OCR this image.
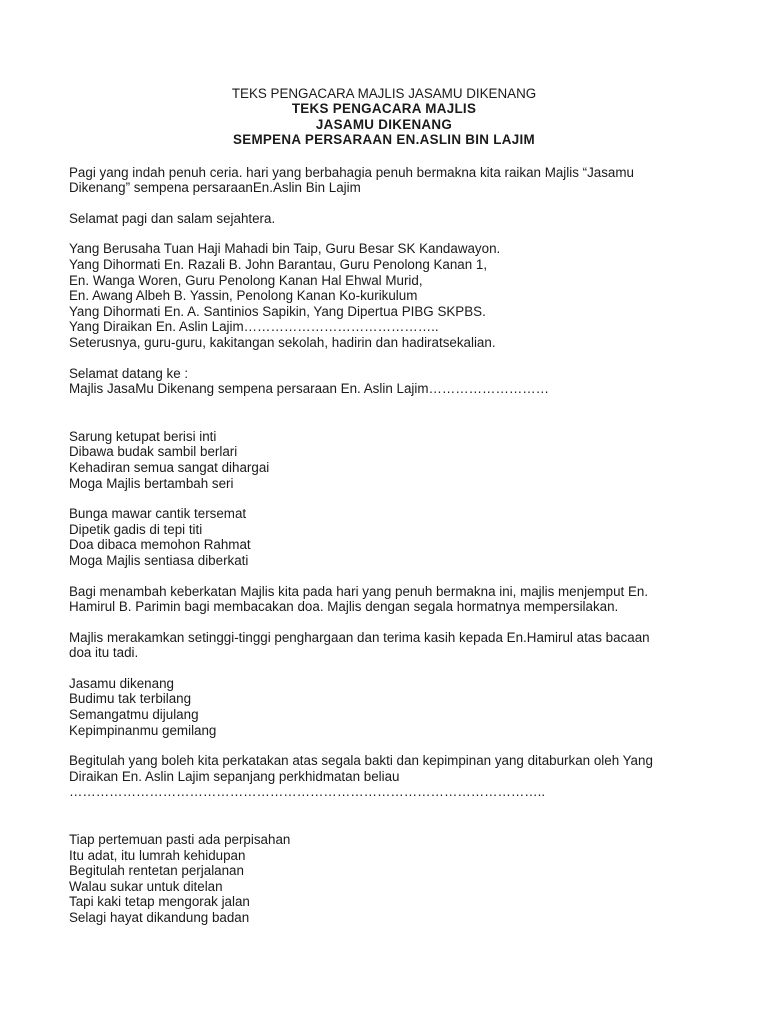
TEKS PENGACARA MAJLIS JASAMU DIKENANG
TEKS PENGACARA MAJLIS
JASAMU DIKENANG
SEMPENA PERSARAAN EN.ASLIN BIN LAJIM
Pagi yang indah penuh ceria. hari yang berbahagia penuh bermakna kita raikan Majlis “Jasamu
Dikenang” sempena persaraanEn.Aslin Bin Lajim
Selamat pagi dan salam sejahtera.
Yang Berusaha Tuan Haji Mahadi bin Taip, Guru Besar SK Kandawayon.
Yang Dihormati En. Razali B. John Barantau, Guru Penolong Kanan 1,
En. Wanga Woren, Guru Penolong Kanan Hal Ehwal Murid,
En. Awang Albeh B. Yassin, Penolong Kanan Ko-kurikulum
Yang Dihormati En. A. Santinios Sapikin, Yang Dipertua PIBG SKPBS.
Yang Diraikan En. Aslin Lajim……………………………………..
Seterusnya, guru-guru, kakitangan sekolah, hadirin dan hadiratsekalian.
Selamat datang ke :
Majlis JasaMu Dikenang sempena persaraan En. Aslin Lajim………………………
Sarung ketupat berisi inti
Dibawa budak sambil berlari
Kehadiran semua sangat dihargai
Moga Majlis bertambah seri
Bunga mawar cantik tersemat
Dipetik gadis di tepi titi
Doa dibaca memohon Rahmat
Moga Majlis sentiasa diberkati
Bagi menambah keberkatan Majlis kita pada hari yang penuh bermakna ini, majlis menjemput En.
Hamirul B. Parimin bagi membacakan doa. Majlis dengan segala hormatnya mempersilakan.
Majlis merakamkan setinggi-tinggi penghargaan dan terima kasih kepada En.Hamirul atas bacaan
doa itu tadi.
Jasamu dikenang
Budimu tak terbilang
Semangatmu dijulang
Kepimpinanmu gemilang
Begitulah yang boleh kita perkatakan atas segala bakti dan kepimpinan yang ditaburkan oleh Yang
Diraikan En. Aslin Lajim sepanjang perkhidmatan beliau
……………………………………………………………………………………………..
Tiap pertemuan pasti ada perpisahan
Itu adat, itu lumrah kehidupan
Begitulah rentetan perjalanan
Walau sukar untuk ditelan
Tapi kaki tetap mengorak jalan
Selagi hayat dikandung badan
